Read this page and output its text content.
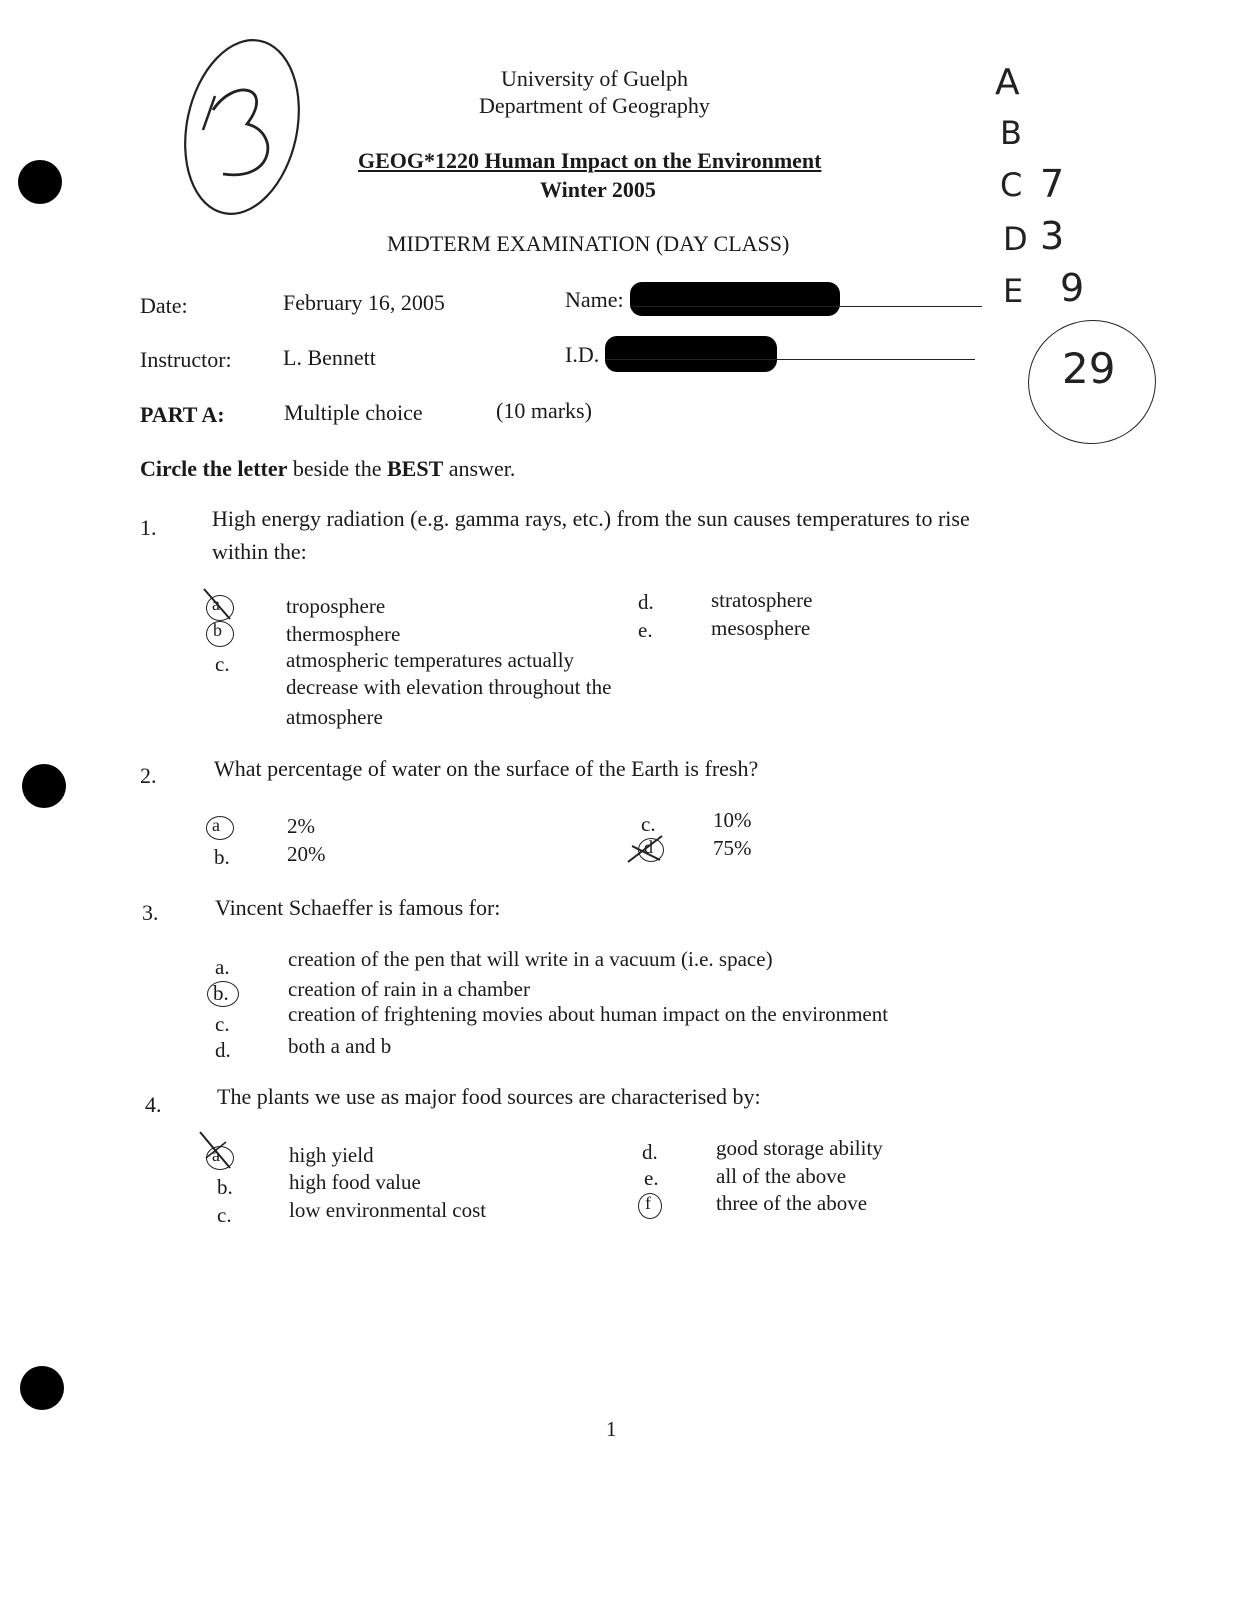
University of Guelph
Department of Geography
GEOG*1220 Human Impact on the Environment
Winter 2005
MIDTERM EXAMINATION (DAY CLASS)
A
B
C 7
D 3
E 9
29
Date:	February 16, 2005	Name:
Instructor: L. Bennett	I.D.
PART A:	Multiple choice	(10 marks)
Circle the letter beside the BEST answer.
1.	High energy radiation (e.g. gamma rays, etc.) from the sun causes temperatures to rise
within the:
a	troposphere
b	thermosphere
c.	atmospheric temperatures actually
decrease with elevation throughout the
atmosphere
d.	stratosphere
e.	mesosphere
2.	What percentage of water on the surface of the Earth is fresh?
a	2%
b.	20%
c.	10%
d	75%
3.	Vincent Schaeffer is famous for:
a.	creation of the pen that will write in a vacuum (i.e. space)
b.	creation of rain in a chamber
c.	creation of frightening movies about human impact on the environment
d.	both a and b
4.	The plants we use as major food sources are characterised by:
a	high yield
b.	high food value
c.	low environmental cost
d.	good storage ability
e.	all of the above
f	three of the above
1
